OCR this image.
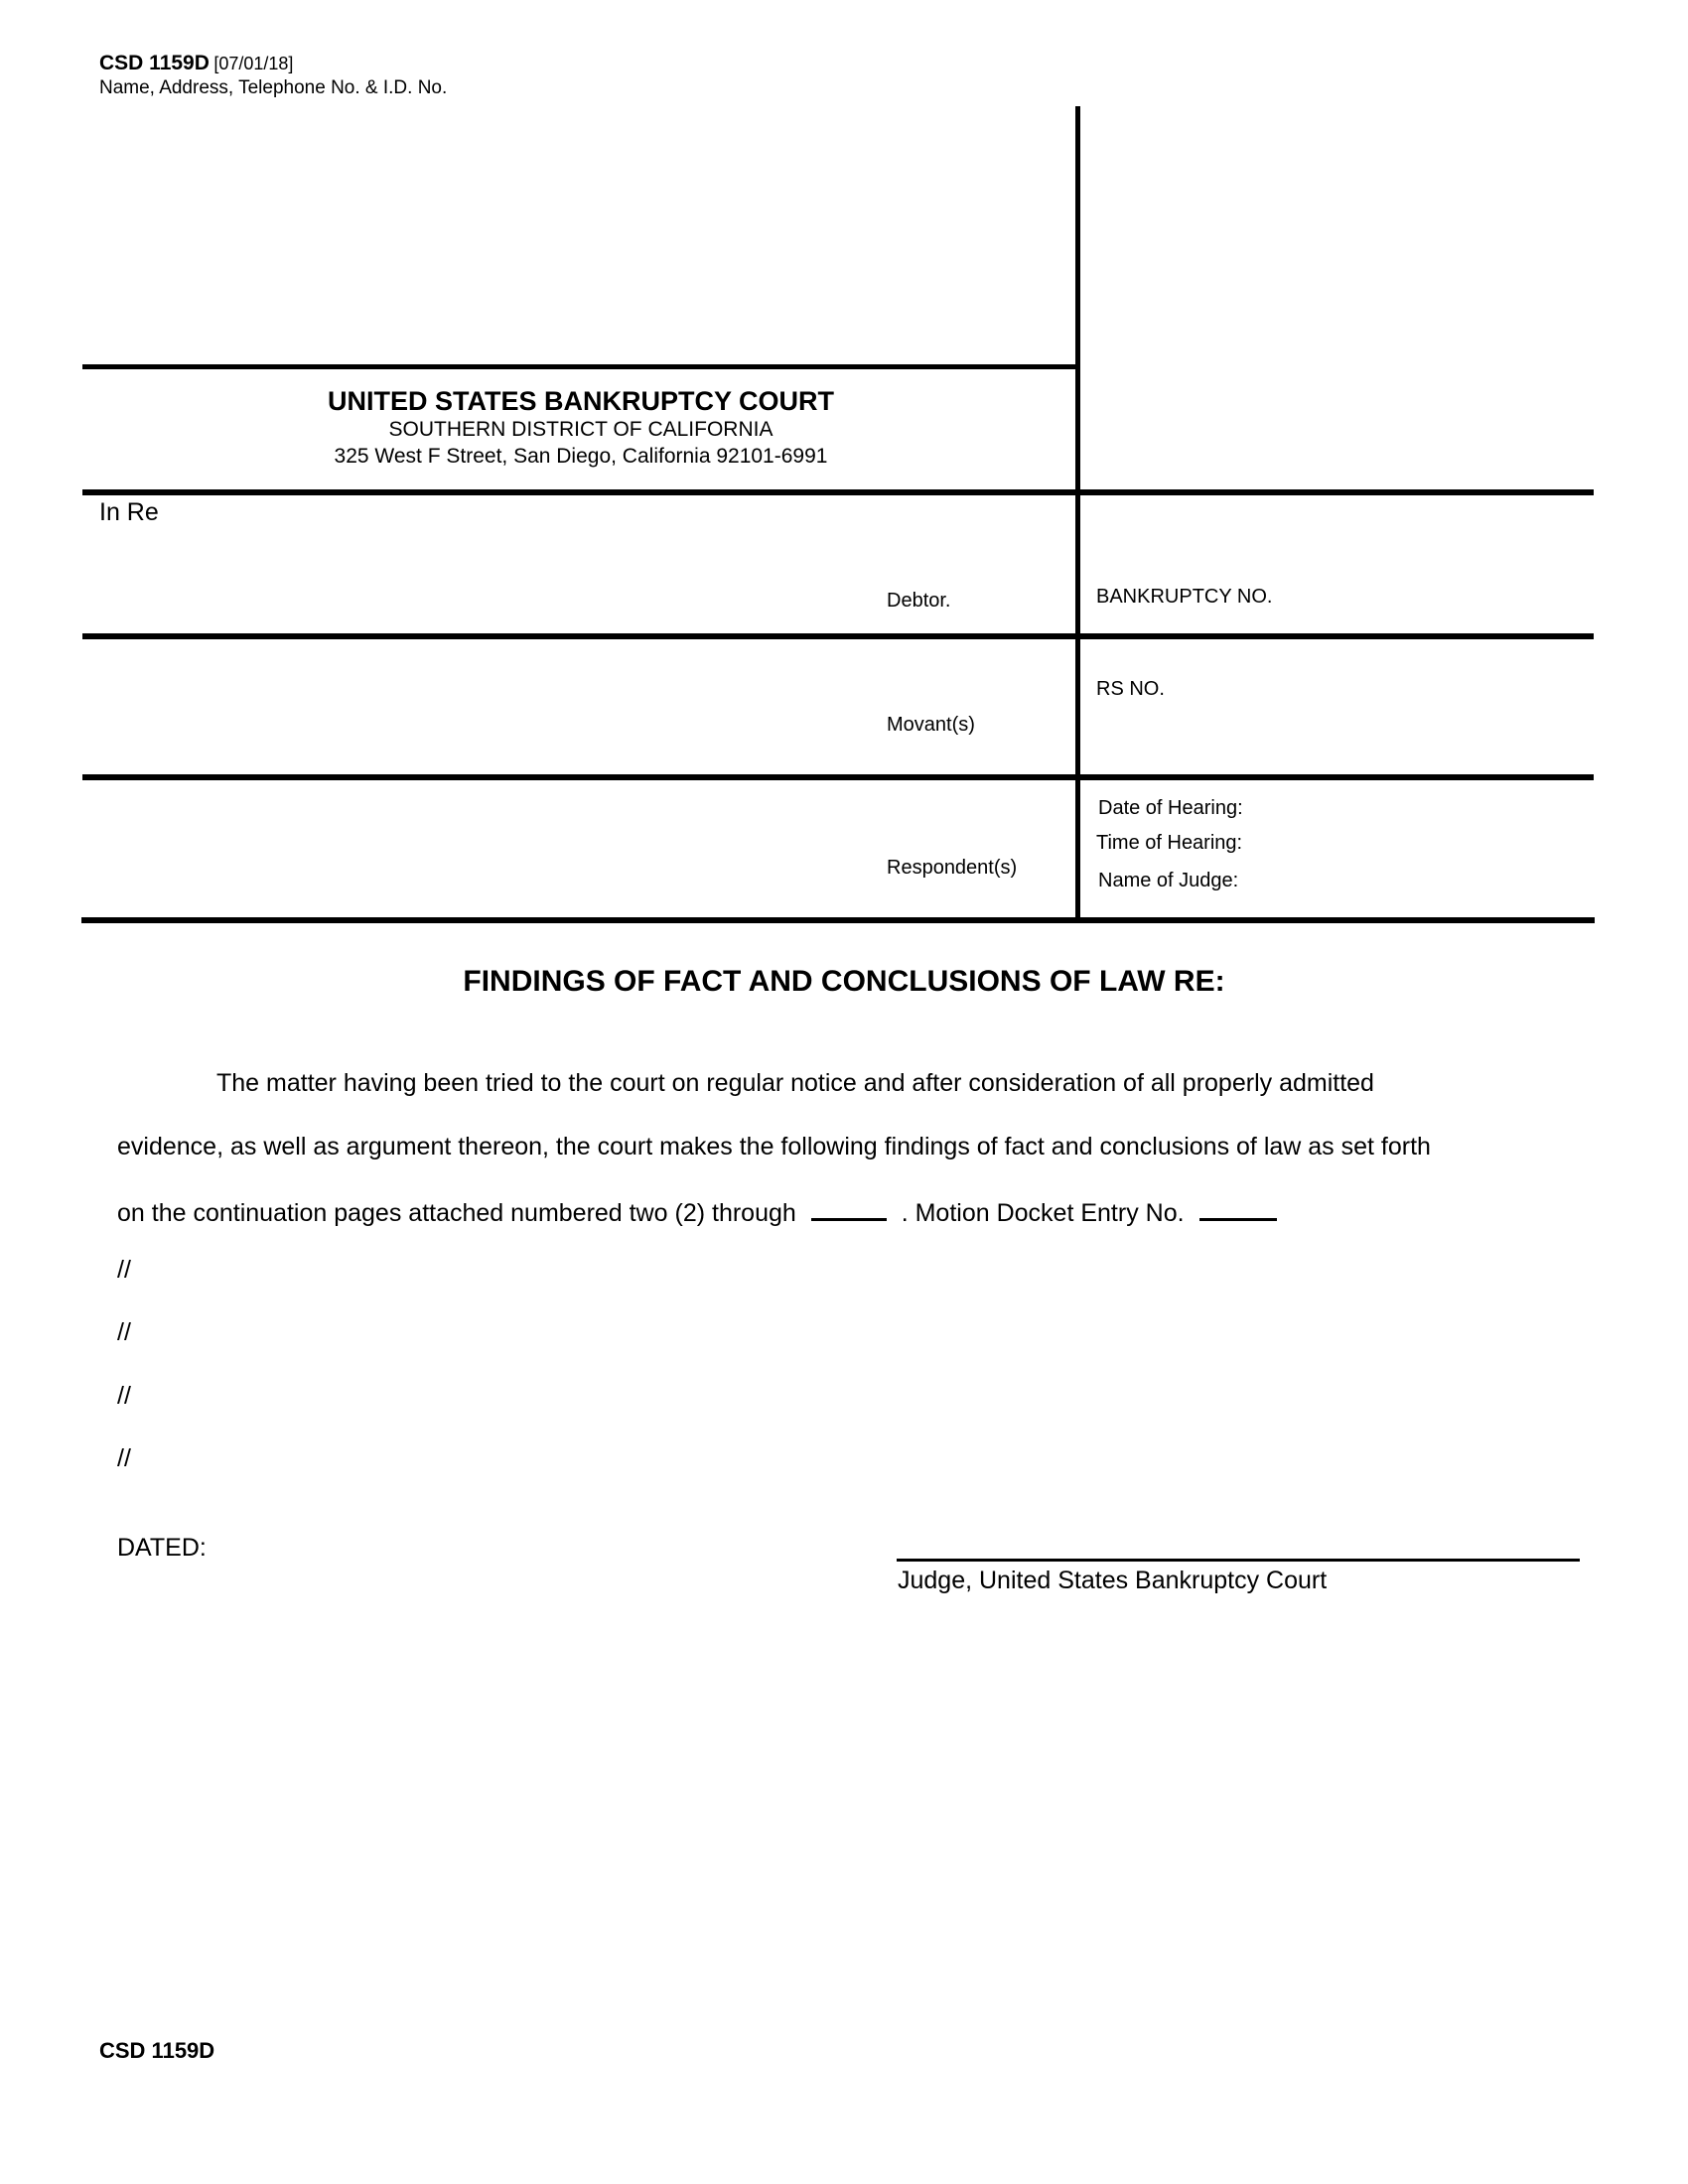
CSD 1159D [07/01/18]
Name, Address, Telephone No. & I.D. No.
UNITED STATES BANKRUPTCY COURT
SOUTHERN DISTRICT OF CALIFORNIA
325 West F Street, San Diego, California 92101-6991
In Re
Debtor.	BANKRUPTCY NO.
Movant(s)
RS NO.
Respondent(s)
Date of Hearing:
Time of Hearing:
Name of Judge:
FINDINGS OF FACT AND CONCLUSIONS OF LAW RE:
The matter having been tried to the court on regular notice and after consideration of all properly admitted
evidence, as well as argument thereon, the court makes the following findings of fact and conclusions of law as set forth
on the continuation pages attached numbered two (2) through	. Motion Docket Entry No.
//
//
//
//
DATED:
Judge, United States Bankruptcy Court
CSD 1159D
